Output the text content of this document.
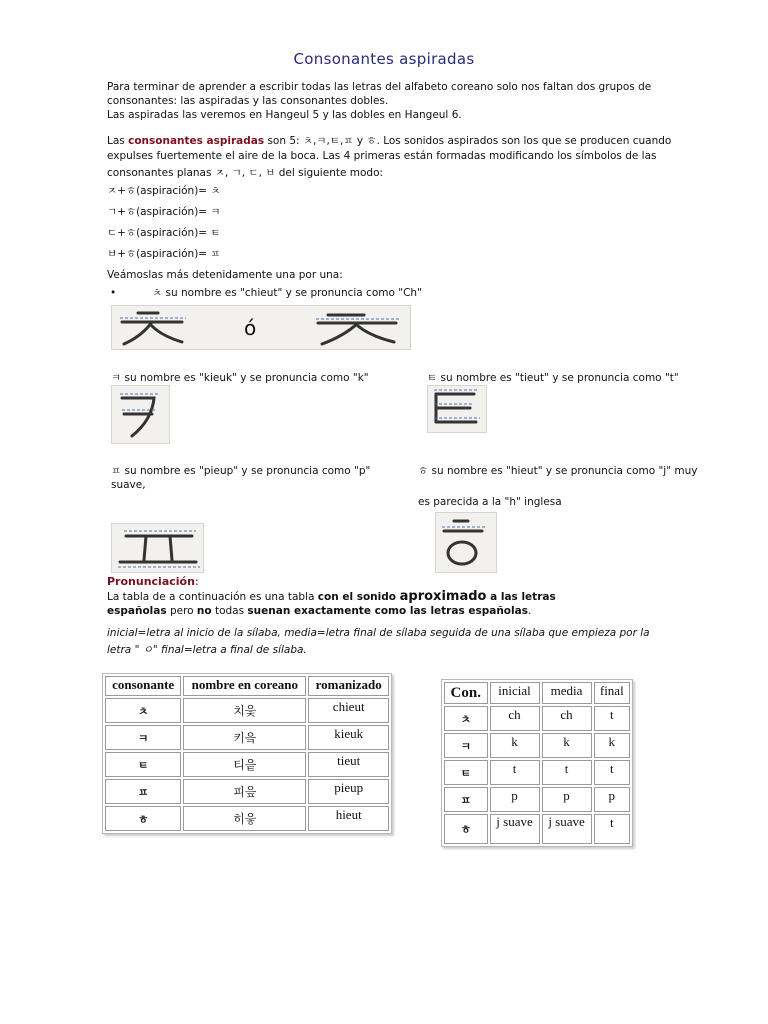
Consonantes aspiradas
Para terminar de aprender a escribir todas las letras del alfabeto coreano solo nos faltan dos grupos de
consonantes: las aspiradas y las consonantes dobles.
Las aspiradas las veremos en Hangeul 5 y las dobles en Hangeul 6.
Las consonantes aspiradas son 5: ㅊ,ㅋ,ㅌ,ㅍ y ㅎ. Los sonidos aspirados son los que se producen cuando
expulses fuertemente el aire de la boca. Las 4 primeras están formadas modificando los símbolos de las
consonantes planas ㅈ, ㄱ, ㄷ, ㅂ del siguiente modo:
ㅈ+ㅎ(aspiración)= ㅊ
ㄱ+ㅎ(aspiración)= ㅋ
ㄷ+ㅎ(aspiración)= ㅌ
ㅂ+ㅎ(aspiración)= ㅍ
Veámoslas más detenidamente una por una:
•	ㅊ su nombre es "chieut" y se pronuncia como "Ch"
ó
ㅋ su nombre es "kieuk" y se pronuncia como "k"	ㅌ su nombre es "tieut" y se pronuncia como "t"
ㅍ su nombre es "pieup" y se pronuncia como "p"
suave,
ㅎ su nombre es "hieut" y se pronuncia como "j" muy
es parecida a la "h" inglesa
Pronunciación:
La tabla de a continuación es una tabla con el sonido aproximado a las letras
españolas pero no todas suenan exactamente como las letras españolas.
inicial=letra al inicio de la sílaba, media=letra final de sílaba seguida de una sílaba que empieza por la
letra " ㅇ" final=letra a final de sílaba.
consonante	nombre en coreano	romanizado
ㅊ	치읓	chieut
ㅋ	키읔	kieuk
ㅌ	티읕	tieut
ㅍ	피읖	pieup
ㅎ	히읗	hieut
Con.	inicial	media	final
ㅊ	ch	ch	t
ㅋ	k	k	k
ㅌ	t	t	t
ㅍ	p	p	p
ㅎ	j suave	j suave	t
